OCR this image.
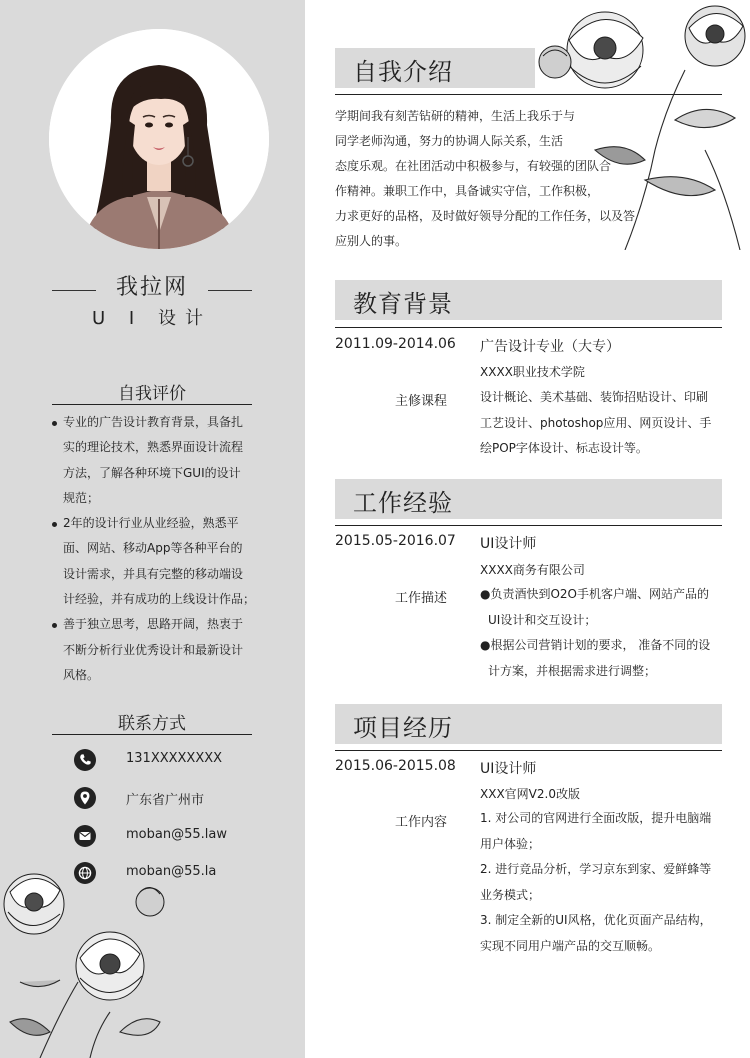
我拉网
U I 设计
自我评价
专业的广告设计教育背景，具备扎
实的理论技术，熟悉界面设计流程
方法，了解各种环境下GUI的设计
规范；
2年的设计行业从业经验，熟悉平
面、网站、移动App等各种平台的
设计需求，并具有完整的移动端设
计经验，并有成功的上线设计作品；
善于独立思考，思路开阔，热衷于
不断分析行业优秀设计和最新设计
风格。
联系方式
131XXXXXXXX
广东省广州市
moban@55.law
moban@55.la
自我介绍

学期间我有刻苦钻研的精神，生活上我乐于与

同学老师沟通，努力的协调人际关系，生活

态度乐观。在社团活动中积极参与，有较强的团队合

作精神。兼职工作中，具备诚实守信，工作积极，

力求更好的品格，及时做好领导分配的工作任务，以及答

应别人的事。

教育背景
2011.09-2014.06 广告设计专业（大专）
XXXX职业技术学院
主修课程	设计概论、美术基础、装饰招贴设计、印刷
工艺设计、photoshop应用、网页设计、手
绘POP字体设计、标志设计等。
工作经验
2015.05-2016.07 UI设计师
XXXX商务有限公司
工作描述	●负责酒快到O2O手机客户端、网站产品的
UI设计和交互设计；
●根据公司营销计划的要求， 准备不同的设
计方案，并根据需求进行调整；
项目经历
2015.06-2015.08 UI设计师
XXX官网V2.0改版
工作内容	1. 对公司的官网进行全面改版，提升电脑端
用户体验；
2. 进行竞品分析，学习京东到家、爱鲜蜂等
业务模式；
3. 制定全新的UI风格，优化页面产品结构，
实现不同用户端产品的交互顺畅。
